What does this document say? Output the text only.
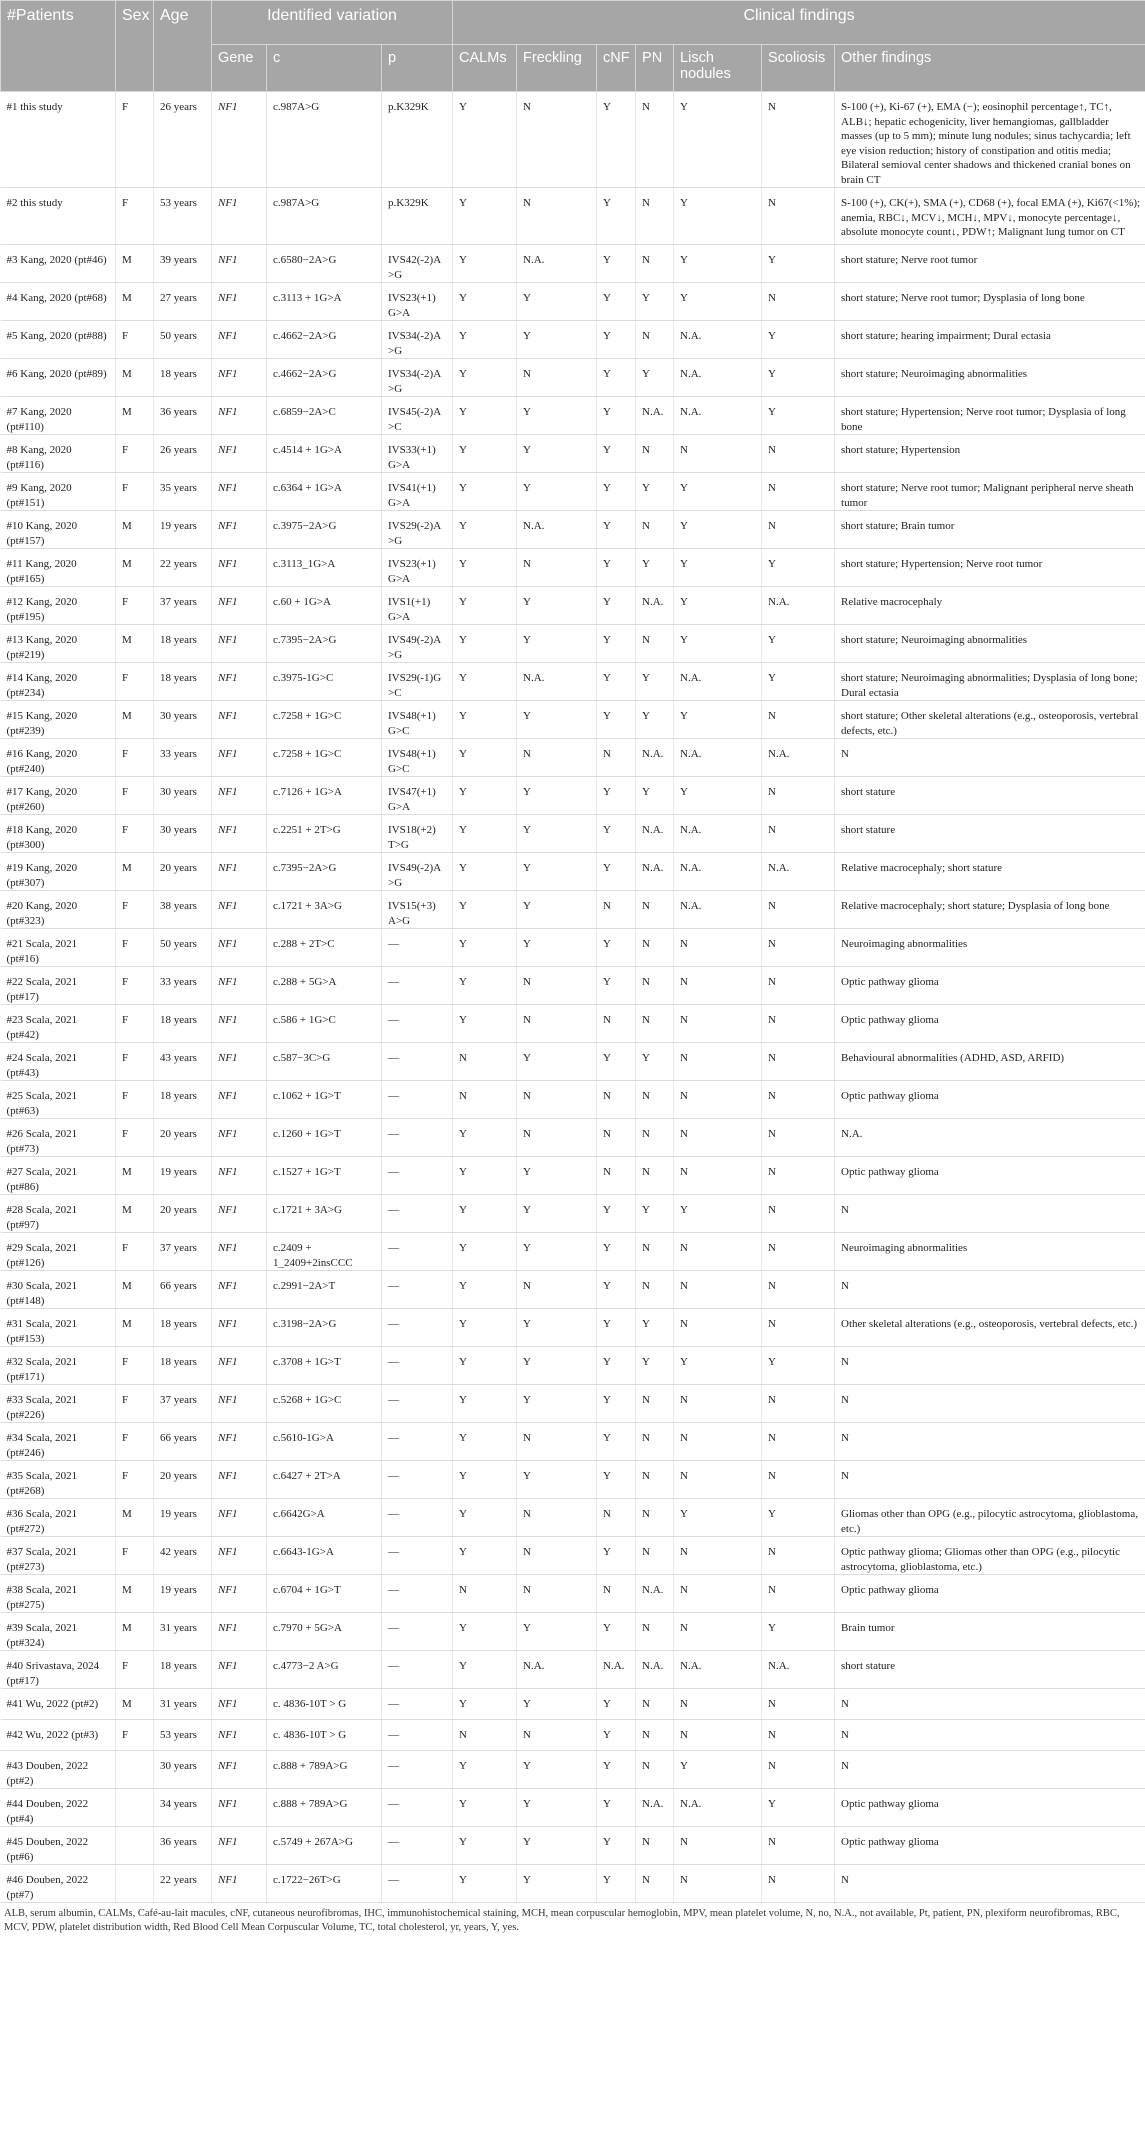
#Patients	Sex	Age	Identified variation			Clinical findings						
			Gene	c	p	CALMs	Freckling	cNF	PN	Lisch nodules	Scoliosis	Other findings
#1 this study	F	26 years	NF1	c.987A>G	p.K329K	Y	N	Y	N	Y	N	S-100 (+), Ki-67 (+), EMA (−); eosinophil percentage↑, TC↑, ALB↓; hepatic echogenicity, liver hemangiomas, gallbladder masses (up to 5 mm); minute lung nodules; sinus tachycardia; left eye vision reduction; history of constipation and otitis media; Bilateral semioval center shadows and thickened cranial bones on brain CT
#2 this study	F	53 years	NF1	c.987A>G	p.K329K	Y	N	Y	N	Y	N	S-100 (+), CK(+), SMA (+), CD68 (+), focal EMA (+), Ki67(<1%); anemia, RBC↓, MCV↓, MCH↓, MPV↓, monocyte percentage↓, absolute monocyte count↓, PDW↑; Malignant lung tumor on CT
#3 Kang, 2020 (pt#46)	M	39 years	NF1	c.6580−2A>G	IVS42(-2)A>G	Y	N.A.	Y	N	Y	Y	short stature; Nerve root tumor
#4 Kang, 2020 (pt#68)	M	27 years	NF1	c.3113 + 1G>A	IVS23(+1) G>A	Y	Y	Y	Y	Y	N	short stature; Nerve root tumor; Dysplasia of long bone
#5 Kang, 2020 (pt#88)	F	50 years	NF1	c.4662−2A>G	IVS34(-2)A>G	Y	Y	Y	N	N.A.	Y	short stature; hearing impairment; Dural ectasia
#6 Kang, 2020 (pt#89)	M	18 years	NF1	c.4662−2A>G	IVS34(-2)A>G	Y	N	Y	Y	N.A.	Y	short stature; Neuroimaging abnormalities
#7 Kang, 2020 (pt#110)	M	36 years	NF1	c.6859−2A>C	IVS45(-2)A>C	Y	Y	Y	N.A.	N.A.	Y	short stature; Hypertension; Nerve root tumor; Dysplasia of long bone
#8 Kang, 2020 (pt#116)	F	26 years	NF1	c.4514 + 1G>A	IVS33(+1) G>A	Y	Y	Y	N	N	N	short stature; Hypertension
#9 Kang, 2020 (pt#151)	F	35 years	NF1	c.6364 + 1G>A	IVS41(+1) G>A	Y	Y	Y	Y	Y	N	short stature; Nerve root tumor; Malignant peripheral nerve sheath tumor
#10 Kang, 2020 (pt#157)	M	19 years	NF1	c.3975−2A>G	IVS29(-2)A>G	Y	N.A.	Y	N	Y	N	short stature; Brain tumor
#11 Kang, 2020 (pt#165)	M	22 years	NF1	c.3113_1G>A	IVS23(+1) G>A	Y	N	Y	Y	Y	Y	short stature; Hypertension; Nerve root tumor
#12 Kang, 2020 (pt#195)	F	37 years	NF1	c.60 + 1G>A	IVS1(+1) G>A	Y	Y	Y	N.A.	Y	N.A.	Relative macrocephaly
#13 Kang, 2020 (pt#219)	M	18 years	NF1	c.7395−2A>G	IVS49(-2)A>G	Y	Y	Y	N	Y	Y	short stature; Neuroimaging abnormalities
#14 Kang, 2020 (pt#234)	F	18 years	NF1	c.3975-1G>C	IVS29(-1)G>C	Y	N.A.	Y	Y	N.A.	Y	short stature; Neuroimaging abnormalities; Dysplasia of long bone; Dural ectasia
#15 Kang, 2020 (pt#239)	M	30 years	NF1	c.7258 + 1G>C	IVS48(+1) G>C	Y	Y	Y	Y	Y	N	short stature; Other skeletal alterations (e.g., osteoporosis, vertebral defects, etc.)
#16 Kang, 2020 (pt#240)	F	33 years	NF1	c.7258 + 1G>C	IVS48(+1) G>C	Y	N	N	N.A.	N.A.	N.A.	N
#17 Kang, 2020 (pt#260)	F	30 years	NF1	c.7126 + 1G>A	IVS47(+1) G>A	Y	Y	Y	Y	Y	N	short stature
#18 Kang, 2020 (pt#300)	F	30 years	NF1	c.2251 + 2T>G	IVS18(+2) T>G	Y	Y	Y	N.A.	N.A.	N	short stature
#19 Kang, 2020 (pt#307)	M	20 years	NF1	c.7395−2A>G	IVS49(-2)A>G	Y	Y	Y	N.A.	N.A.	N.A.	Relative macrocephaly; short stature
#20 Kang, 2020 (pt#323)	F	38 years	NF1	c.1721 + 3A>G	IVS15(+3) A>G	Y	Y	N	N	N.A.	N	Relative macrocephaly; short stature; Dysplasia of long bone
#21 Scala, 2021 (pt#16)	F	50 years	NF1	c.288 + 2T>C	—	Y	Y	Y	N	N	N	Neuroimaging abnormalities
#22 Scala, 2021 (pt#17)	F	33 years	NF1	c.288 + 5G>A	—	Y	N	Y	N	N	N	Optic pathway glioma
#23 Scala, 2021 (pt#42)	F	18 years	NF1	c.586 + 1G>C	—	Y	N	N	N	N	N	Optic pathway glioma
#24 Scala, 2021 (pt#43)	F	43 years	NF1	c.587−3C>G	—	N	Y	Y	Y	N	N	Behavioural abnormalities (ADHD, ASD, ARFID)
#25 Scala, 2021 (pt#63)	F	18 years	NF1	c.1062 + 1G>T	—	N	N	N	N	N	N	Optic pathway glioma
#26 Scala, 2021 (pt#73)	F	20 years	NF1	c.1260 + 1G>T	—	Y	N	N	N	N	N	N.A.
#27 Scala, 2021 (pt#86)	M	19 years	NF1	c.1527 + 1G>T	—	Y	Y	N	N	N	N	Optic pathway glioma
#28 Scala, 2021 (pt#97)	M	20 years	NF1	c.1721 + 3A>G	—	Y	Y	Y	Y	Y	N	N
#29 Scala, 2021 (pt#126)	F	37 years	NF1	c.2409 + 1_2409+2insCCC	—	Y	Y	Y	N	N	N	Neuroimaging abnormalities
#30 Scala, 2021 (pt#148)	M	66 years	NF1	c.2991−2A>T	—	Y	N	Y	N	N	N	N
#31 Scala, 2021 (pt#153)	M	18 years	NF1	c.3198−2A>G	—	Y	Y	Y	Y	N	N	Other skeletal alterations (e.g., osteoporosis, vertebral defects, etc.)
#32 Scala, 2021 (pt#171)	F	18 years	NF1	c.3708 + 1G>T	—	Y	Y	Y	Y	Y	Y	N
#33 Scala, 2021 (pt#226)	F	37 years	NF1	c.5268 + 1G>C	—	Y	Y	Y	N	N	N	N
#34 Scala, 2021 (pt#246)	F	66 years	NF1	c.5610-1G>A	—	Y	N	Y	N	N	N	N
#35 Scala, 2021 (pt#268)	F	20 years	NF1	c.6427 + 2T>A	—	Y	Y	Y	N	N	N	N
#36 Scala, 2021 (pt#272)	M	19 years	NF1	c.6642G>A	—	Y	N	N	N	Y	Y	Gliomas other than OPG (e.g., pilocytic astrocytoma, glioblastoma, etc.)
#37 Scala, 2021 (pt#273)	F	42 years	NF1	c.6643-1G>A	—	Y	N	Y	N	N	N	Optic pathway glioma; Gliomas other than OPG (e.g., pilocytic astrocytoma, glioblastoma, etc.)
#38 Scala, 2021 (pt#275)	M	19 years	NF1	c.6704 + 1G>T	—	N	N	N	N.A.	N	N	Optic pathway glioma
#39 Scala, 2021 (pt#324)	M	31 years	NF1	c.7970 + 5G>A	—	Y	Y	Y	N	N	Y	Brain tumor
#40 Srivastava, 2024 (pt#17)	F	18 years	NF1	c.4773−2 A>G	—	Y	N.A.	N.A.	N.A.	N.A.	N.A.	short stature
#41 Wu, 2022 (pt#2)	M	31 years	NF1	c. 4836-10T > G	—	Y	Y	Y	N	N	N	N
#42 Wu, 2022 (pt#3)	F	53 years	NF1	c. 4836-10T > G	—	N	N	Y	N	N	N	N
#43 Douben, 2022 (pt#2)		30 years	NF1	c.888 + 789A>G	—	Y	Y	Y	N	Y	N	N
#44 Douben, 2022 (pt#4)		34 years	NF1	c.888 + 789A>G	—	Y	Y	Y	N.A.	N.A.	Y	Optic pathway glioma
#45 Douben, 2022 (pt#6)		36 years	NF1	c.5749 + 267A>G	—	Y	Y	Y	N	N	N	Optic pathway glioma
#46 Douben, 2022 (pt#7)		22 years	NF1	c.1722−26T>G	—	Y	Y	Y	N	N	N	N
ALB, serum albumin, CALMs, Café-au-lait macules, cNF, cutaneous neurofibromas, IHC, immunohistochemical staining, MCH, mean corpuscular hemoglobin, MPV, mean platelet volume, N, no, N.A., not available, Pt, patient, PN, plexiform neurofibromas, RBC, MCV, PDW, platelet distribution width, Red Blood Cell Mean Corpuscular Volume, TC, total cholesterol, yr, years, Y, yes.
